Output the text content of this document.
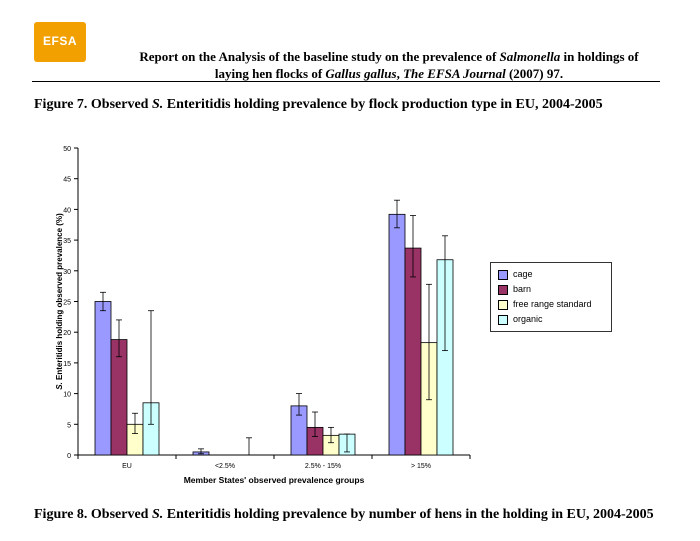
EFSA
Report on the Analysis of the baseline study on the prevalence of Salmonella in holdings of
laying hen flocks of Gallus gallus, The EFSA Journal (2007) 97.
Figure 7. Observed S. Enteritidis holding prevalence by flock production type in EU, 2004-2005
0
5
10
15
20
25
30
35
40
45
50
EU	<2.5%	2.5% - 15%	> 15%
Member States' observed prevalence groups
S. Enteritidis holding observed prevalence (%)	cage
barn
free range standard
organic
Figure 8. Observed S. Enteritidis holding prevalence by number of hens in the holding in EU, 2004-2005
